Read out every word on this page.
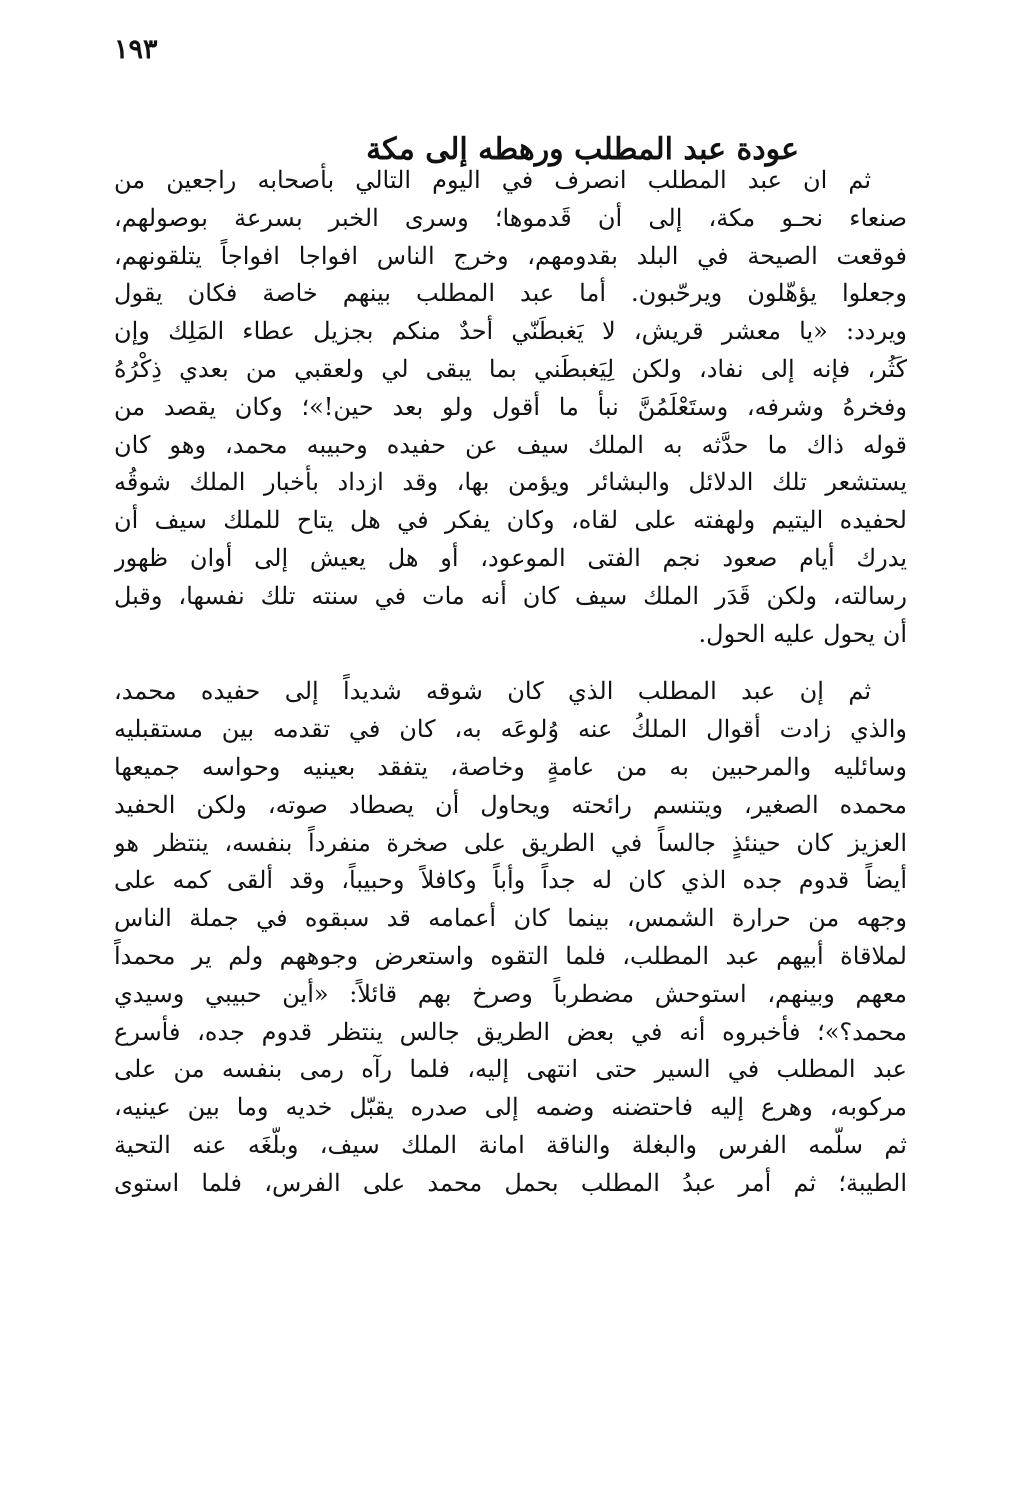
١٩٣
عودة عبد المطلب ورهطه إلى مكة

ثم ان عبد المطلب انصرف في اليوم التالي بأصحابه راجعين من
صنعاء نحـو مكة، إلى أن قَدموها؛ وسرى الخبر بسرعة بوصولهم،
فوقعت الصيحة في البلد بقدومهم، وخرج الناس افواجا افواجاً يتلقونهم،
وجعلوا يؤهّلون ويرحّبون. أما عبد المطلب بينهم خاصة فكان يقول
ويردد: «يا معشر قريش، لا يَغبطَنّي أحدٌ منكم بجزيل عطاء المَلِك وإن
كَثُر، فإنه إلى نفاد، ولكن لِيَغبطَني بما يبقى لي ولعقبي من بعدي ذِكْرُهُ
وفخرهُ وشرفه، وستَعْلَمُنَّ نبأ ما أقول ولو بعد حين!»؛ وكان يقصد من
قوله ذاك ما حدَّثه به الملك سيف عن حفيده وحبيبه محمد، وهو كان
يستشعر تلك الدلائل والبشائر ويؤمن بها، وقد ازداد بأَخبار الملك شوقُه
لحفيده اليتيم ولهفته على لقاه، وكان يفكر في هل يتاح للملك سيف أن
يدرك أيام صعود نجم الفتى الموعود، أو هل يعيش إلى أوان ظهور
رسالته، ولكن قَدَر الملك سيف كان أنه مات في سنته تلك نفسها، وقبل
أن يحول عليه الحول.

ثم إن عبد المطلب الذي كان شوقه شديداً إلى حفيده محمد،
والذي زادت أقوال الملكُ عنه وُلوعَه به، كان في تقدمه بين مستقبليه
وسائليه والمرحبين به من عامةٍ وخاصة، يتفقد بعينيه وحواسه جميعها
محمده الصغير، ويتنسم رائحته ويحاول أن يصطاد صوته، ولكن الحفيد
العزيز كان حينئذٍ جالساً في الطريق على صخرة منفرداً بنفسه، ينتظر هو
أيضاً قدوم جده الذي كان له جداً وأباً وكافلاً وحبيباً، وقد ألقى كمه على
وجهه من حرارة الشمس، بينما كان أعمامه قد سبقوه في جملة الناس
لملاقاة أبيهم عبد المطلب، فلما التقوه واستعرض وجوههم ولم ير محمداً
معهم وبينهم، استوحش مضطرباً وصرخ بهم قائلاً: «أين حبيبي وسيدي
محمد؟»؛ فأخبروه أنه في بعض الطريق جالس ينتظر قدوم جده، فأسرع
عبد المطلب في السير حتى انتهى إليه، فلما رآه رمى بنفسه من على
مركوبه، وهرع إليه فاحتضنه وضمه إلى صدره يقبّل خديه وما بين عينيه،
ثم سلّمه الفرس والبغلة والناقة امانة الملك سيف، وبلّغَه عنه التحية
الطيبة؛ ثم أمر عبدُ المطلب بحمل محمد على الفرس، فلما استوى
